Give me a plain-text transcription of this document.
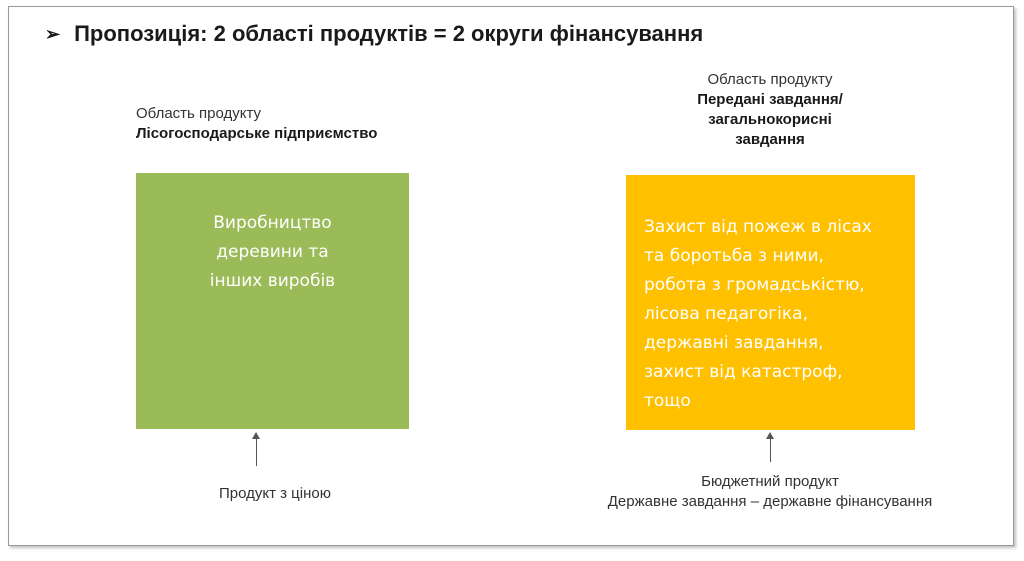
➢ Пропозиція: 2 області продуктів = 2 округи фінансування
Область продукту
Лісогосподарське підприємство
Область продукту
Передані завдання/
загальнокорисні
завдання
Виробництво
деревини та
інших виробів
Захист від пожеж в лісах
та боротьба з ними,
робота з громадськістю,
лісова педагогіка,
державні завдання,
захист від катастроф,
тощо
Продукт з ціною
Бюджетний продукт
Державне завдання – державне фінансування
